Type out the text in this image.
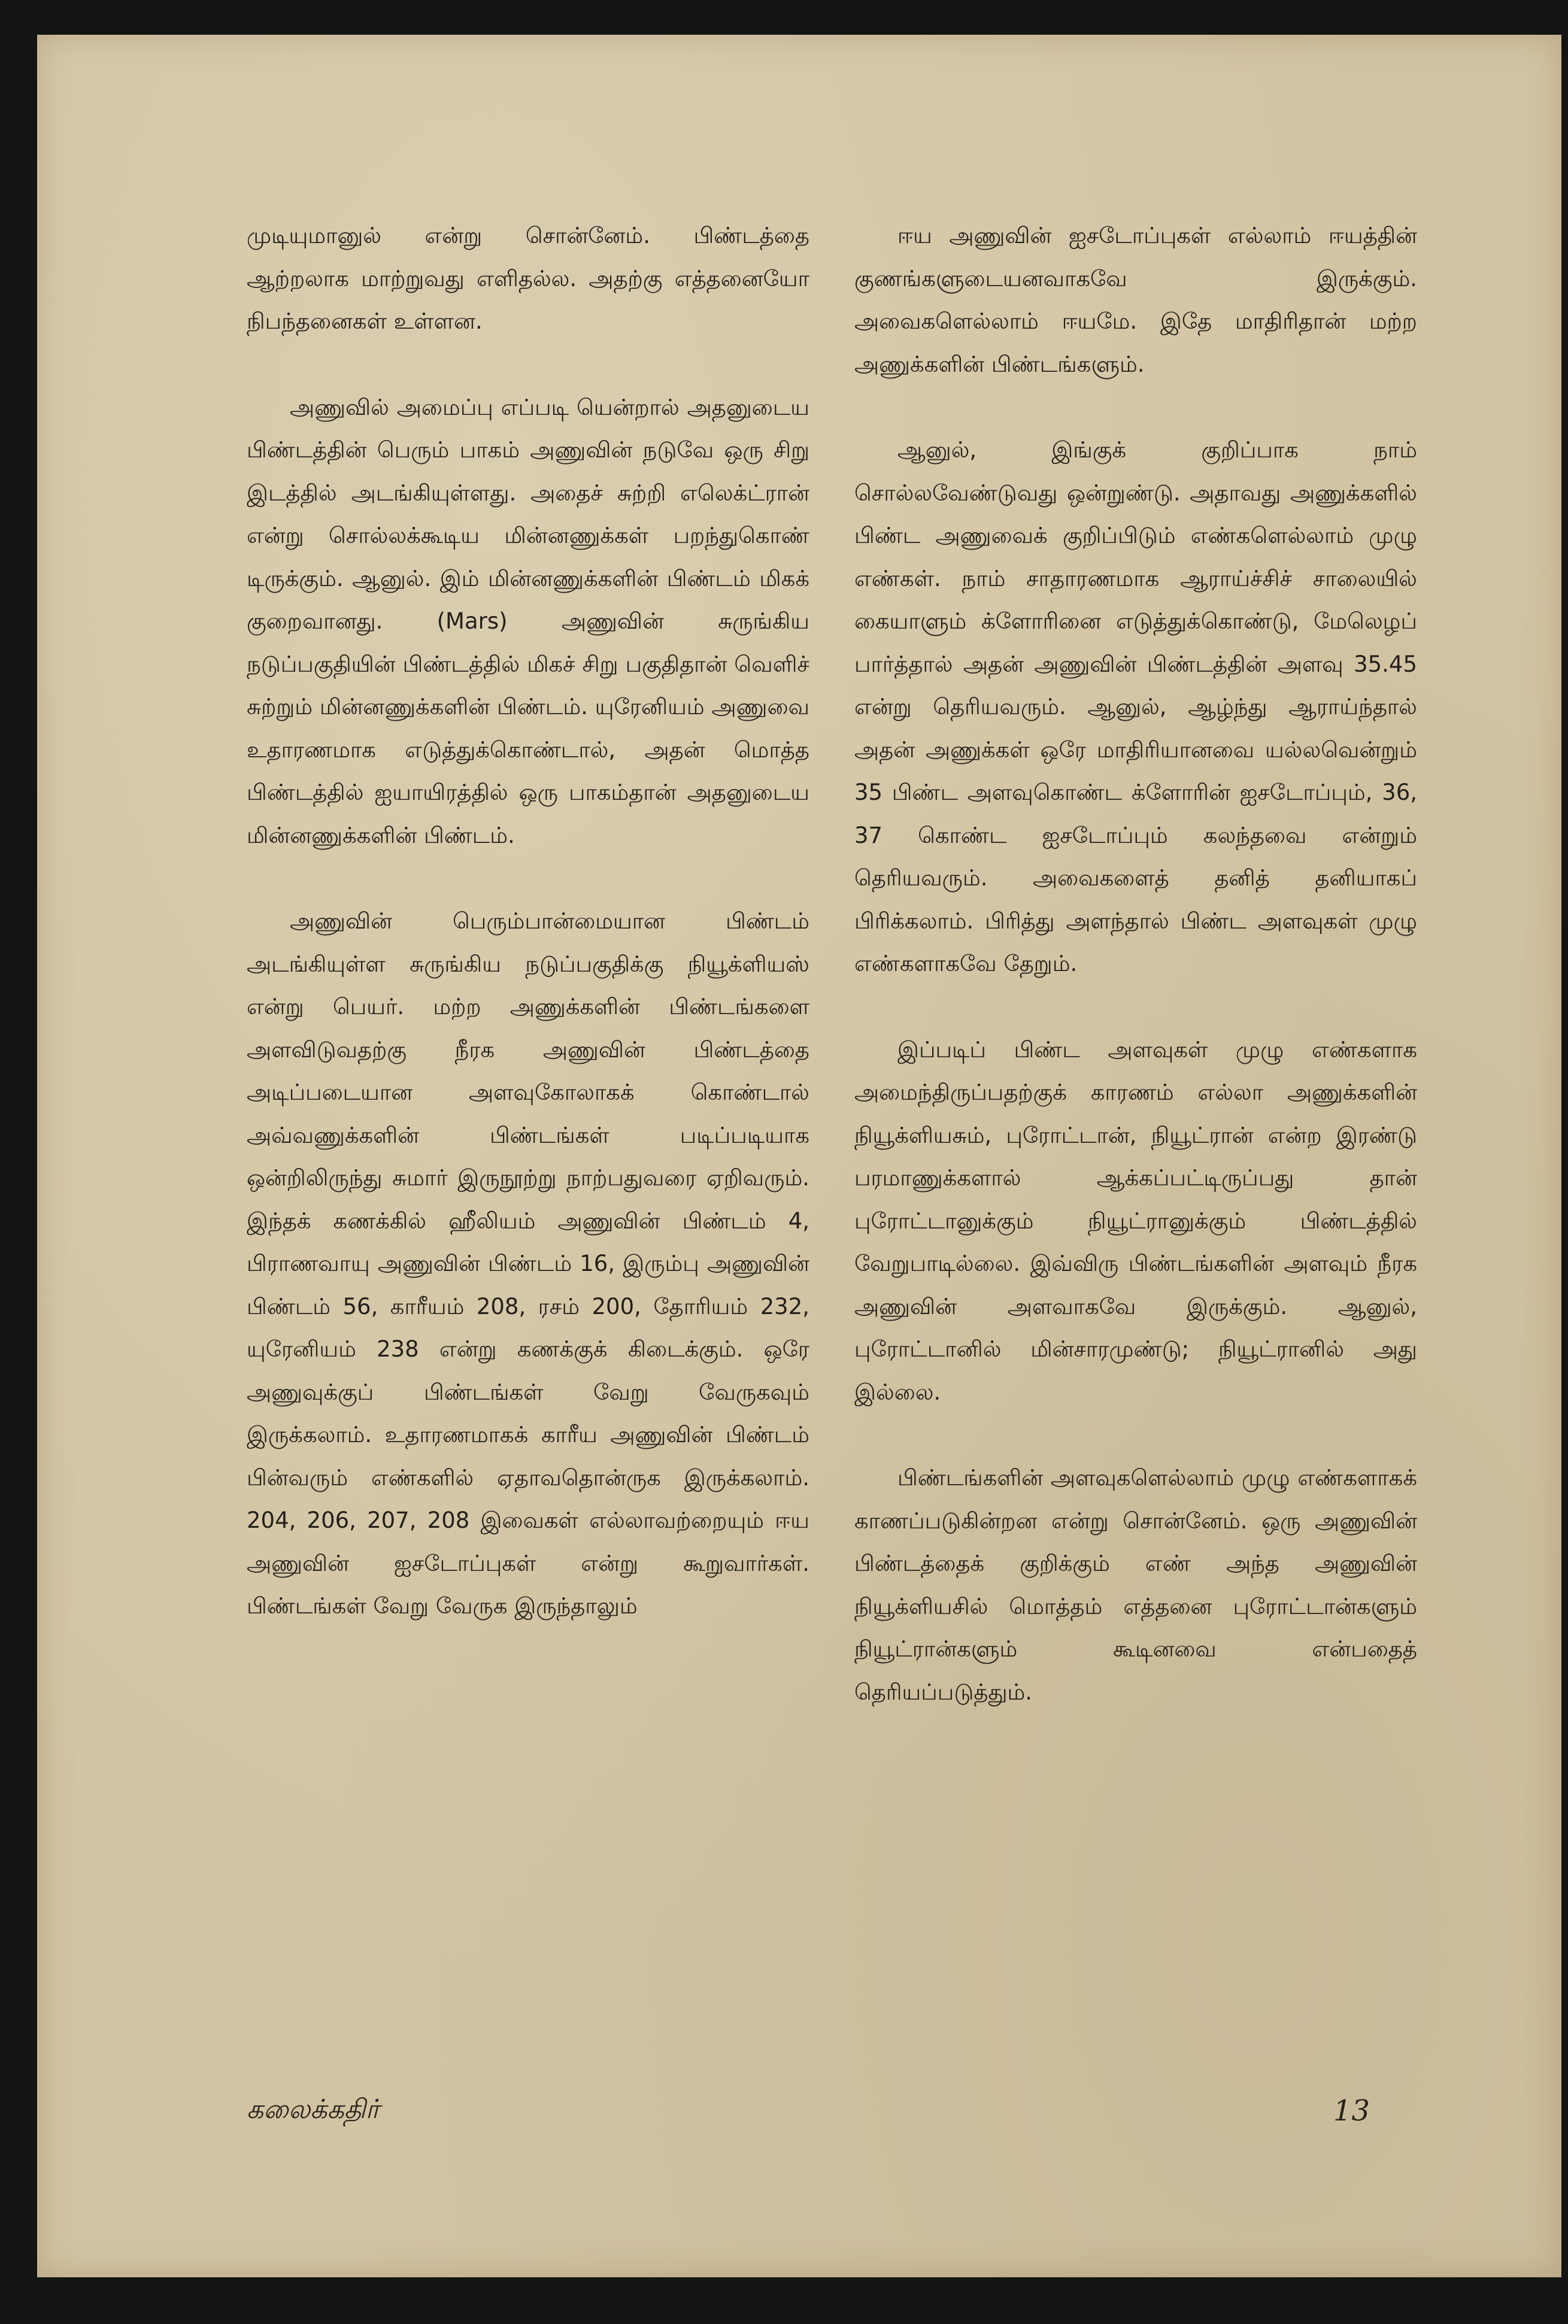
முடியுமானுல் என்று சொன்னேம். பிண்டத்தை ஆற்றலாக மாற்றுவது எளிதல்ல. அதற்கு எத்தனையோ நிபந்தனைகள் உள்ளன.

அணுவில் அமைப்பு எப்படி யென்றால் அதனுடைய பிண்டத்தின் பெரும் பாகம் அணுவின் நடுவே ஒரு சிறு இடத்தில் அடங்கியுள்ளது. அதைச் சுற்றி எலெக்ட்ரான் என்று சொல்லக்கூடிய மின்னணுக்கள் பறந்துகொண் டிருக்கும். ஆனுல். இம் மின்னணுக்களின் பிண்டம் மிகக் குறைவானது. (Mars) அணுவின் சுருங்கிய நடுப்பகுதியின் பிண்டத்தில் மிகச் சிறு பகுதிதான் வெளிச் சுற்றும் மின்னணுக்களின் பிண்டம். யுரேனியம் அணுவை உதாரணமாக எடுத்துக்கொண்டால், அதன் மொத்த பிண்டத்தில் ஐயாயிரத்தில் ஒரு பாகம்தான் அதனுடைய மின்னணுக்களின் பிண்டம்.

அணுவின் பெரும்பான்மையான பிண்டம் அடங்கியுள்ள சுருங்கிய நடுப்பகுதிக்கு நியூக்ளியஸ் என்று பெயர். மற்ற அணுக்களின் பிண்டங்களை அளவிடுவதற்கு நீரக அணுவின் பிண்டத்தை அடிப்படையான அளவுகோலாகக் கொண்டால் அவ்வணுக்களின் பிண்டங்கள் படிப்படியாக ஒன்றிலிருந்து சுமார் இருநூற்று நாற்பதுவரை ஏறிவரும். இந்தக் கணக்கில் ஹீலியம் அணுவின் பிண்டம் 4, பிராணவாயு அணுவின் பிண்டம் 16, இரும்பு அணுவின் பிண்டம் 56, காரீயம் 208, ரசம் 200, தோரியம் 232, யுரேனியம் 238 என்று கணக்குக் கிடைக்கும். ஒரே அணுவுக்குப் பிண்டங்கள் வேறு வேருகவும் இருக்கலாம். உதாரணமாகக் காரீய அணுவின் பிண்டம் பின்வரும் எண்களில் ஏதாவதொன்ருக இருக்கலாம். 204, 206, 207, 208 இவைகள் எல்லாவற்றையும் ஈய அணுவின் ஐசடோப்புகள் என்று கூறுவார்கள். பிண்டங்கள் வேறு வேருக இருந்தாலும்

ஈய அணுவின் ஐசடோப்புகள் எல்லாம் ஈயத்தின் குணங்களுடையனவாகவே இருக்கும். அவைகளெல்லாம் ஈயமே. இதே மாதிரிதான் மற்ற அணுக்களின் பிண்டங்களும்.

ஆனுல், இங்குக் குறிப்பாக நாம் சொல்லவேண்டுவது ஒன்றுண்டு. அதாவது அணுக்களில் பிண்ட அணுவைக் குறிப்பிடும் எண்களெல்லாம் முழு எண்கள். நாம் சாதாரணமாக ஆராய்ச்சிச் சாலையில் கையாளும் க்ளோரினை எடுத்துக்கொண்டு, மேலெழப் பார்த்தால் அதன் அணுவின் பிண்டத்தின் அளவு 35.45 என்று தெரியவரும். ஆனுல், ஆழ்ந்து ஆராய்ந்தால் அதன் அணுக்கள் ஒரே மாதிரியானவை யல்லவென்றும் 35 பிண்ட அளவுகொண்ட க்ளோரின் ஐசடோப்பும், 36, 37 கொண்ட ஐசடோப்பும் கலந்தவை என்றும் தெரியவரும். அவைகளைத் தனித் தனியாகப் பிரிக்கலாம். பிரித்து அளந்தால் பிண்ட அளவுகள் முழு எண்களாகவே தேறும்.

இப்படிப் பிண்ட அளவுகள் முழு எண்களாக அமைந்திருப்பதற்குக் காரணம் எல்லா அணுக்களின் நியூக்ளியசும், புரோட்டான், நியூட்ரான் என்ற இரண்டு பரமாணுக்களால் ஆக்கப்பட்டிருப்பது தான் புரோட்டானுக்கும் நியூட்ரானுக்கும் பிண்டத்தில் வேறுபாடில்லை. இவ்விரு பிண்டங்களின் அளவும் நீரக அணுவின் அளவாகவே இருக்கும். ஆனுல், புரோட்டானில் மின்சாரமுண்டு; நியூட்ரானில் அது இல்லை.

பிண்டங்களின் அளவுகளெல்லாம் முழு எண்களாகக் காணப்படுகின்றன என்று சொன்னேம். ஒரு அணுவின் பிண்டத்தைக் குறிக்கும் எண் அந்த அணுவின் நியூக்ளியசில் மொத்தம் எத்தனை புரோட்டான்களும் நியூட்ரான்களும் கூடினவை என்பதைத் தெரியப்படுத்தும்.

கலைக்கதிர்	13
